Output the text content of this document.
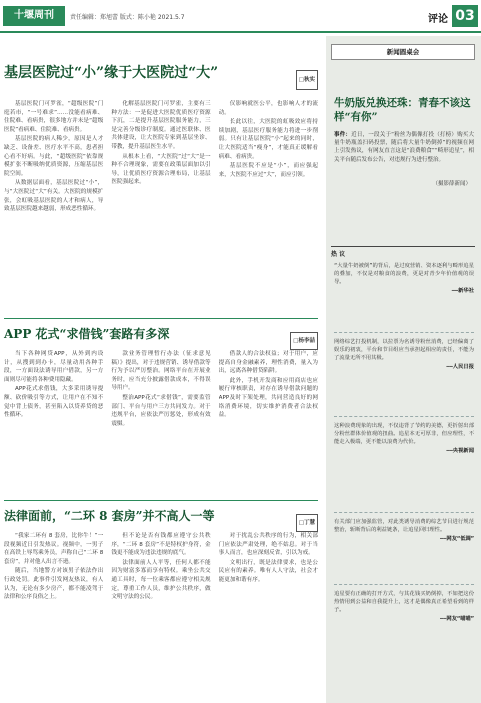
十堰周刊	责任编辑：郑旭蕾 版式：陈小艳 2021.5.7	评论 03
基层医院过“小”缘于大医院过“大”	□秋实

基层医院门可罗雀，“超级医院”门庭若市，“一号难求”……没能看病难、住院难、看病贵，很多地方并未是“超级医院”看病难、住院难、看病贵。

基层医院的病人稀少，原因是人才缺乏、设备差、医疗水平不高，患者担心看不好病。与此，“超级医院”依靠规模扩张不断吸纳优质资源，压缩基层医院空间。

从数据层面看，基层医院过“小”，与“大医院过“大”有关。大医院的规模扩张，会虹吸基层医院的人才和病人，导致基层医院越来越弱，形成恶性循环。

化解基层医院门可罗雀，主要有三种方法：一是促进大医院优质医疗资源下沉，二是提升基层医院服务能力，三是完善分级诊疗制度。通过医联体、医共体建设，让大医院专家到基层坐诊、带教，提升基层医生水平。

从根本上看，“大医院”过“大”是一种不合理现象，需要在政策层面加以引导，让优质医疗资源合理布局，让基层医院强起来。

仅影响就医公平，也影响人才的流动。

长此以往，大医院的虹吸效应将持续加剧，基层医疗服务能力将进一步削弱。只有让基层医院“小”起来的同时，让大医院适当“瘦身”，才能真正缓解看病难、看病贵。

基层医院不应是“小”，而应强起来，大医院不应过“大”，而应引领。

APP 花式“求借钱”套路有多深	□杨李喆

当下各种网贷APP，从外到内设计，从搜到到办卡，尽量动用各种手段，一方面设法诱导用户借款，另一方面则尽可能将各种费用隐藏。

APP花式求借钱，大多采用诱导提额、砍价吸引等方式，让用户在不知不觉中背上债务，甚至陷入以贷养贷的恶性循环。

款业务管理暂行办法（征求意见稿）》提出，对于违规营销、诱导借款等行为予以严厉整治。网络平台在开展业务时，应当充分披露借款成本，不得误导用户。

整治APP花式“求借钱”，需要监管部门、平台与用户三方共同发力。对于违规平台，应依法严厉惩处，形成有效震慑。

借款人的合法权益；对于用户，应提高自身金融素养，理性消费，量入为出，远离各种借贷陷阱。

此外，手机开发商和应用商店也应履行审核职责，对存在诱导借款问题的APP及时下架处理，共同营造良好的网络消费环境，切实维护消费者合法权益。

法律面前，“二环 8 套房”并不高人一等	□丁慧

“我家二环有 8 套房，比你牛！”一段视频近日引发热议。视频中，一男子在高铁上辱骂乘务员，声称自己“二环 8 套房”，并对他人出言不逊。

随后，当地警方对该男子依法作出行政处罚。此事件引发网友热议，有人认为，无论有多少房产，都不能凌驾于法律和公序良俗之上。

但不论是否有钱都应遵守公共秩序，“二环 8 套房”不是特权护身符，金钱更不能成为违法违规的底气。

法律面前人人平等，任何人都不能因为财富多寡而享有特权。乘坐公共交通工具时，每一位乘客都应遵守相关规定，尊重工作人员，维护公共秩序，做文明守法的公民。

对于扰乱公共秩序的行为，相关部门应依法严肃处理，绝不姑息。对于当事人而言，也应深刻反省，引以为戒。

文明出行，既是法律要求，也是公民应有的素养。唯有人人守法，社会才能更加和谐有序。

新闻圆桌会
牛奶版兑换还珠：青春不该这样“有你”
事件：近日，一段关于“粉丝为偶像打投（打榜）购买大量牛奶瓶盖扫码投票，随后将大量牛奶倒掉”的视频在网上引发热议，有网友直言这是“浪费粮食”“畸形追星”，相关平台随后发布公告，对违规行为进行整治。
（摄影薛新闻）
热 议
“大量牛奶被倒”的背后，是过度营销、资本逐利与畸形追星的叠加，不仅是对粮食的浪费，更是对青少年价值观的误导。
——新华社
网络综艺打投机制，以拉票为名诱导粉丝消费，已经偏离了娱乐的初衷，平台和节目组应当承担起相应的责任，不能为了流量无所不用其极。
——人民日报
这种浪费现象的出现，不仅违背了节约的美德，更折射出部分粉丝群体价值观的扭曲。追星本无可厚非，但应理性，不能走入极端，更不能以浪费为代价。
——央视新闻
有关部门应加强监管，对此类诱导消费的综艺节目进行规范整治，斩断背后的利益链条，让追星回归理性。
——网友“低调”
追星要有正确的打开方式，与其花钱买奶倒掉，不如把这份热情用到公益和自我提升上，这才是偶像真正希望看到的样子。
——网友“喵喵”
